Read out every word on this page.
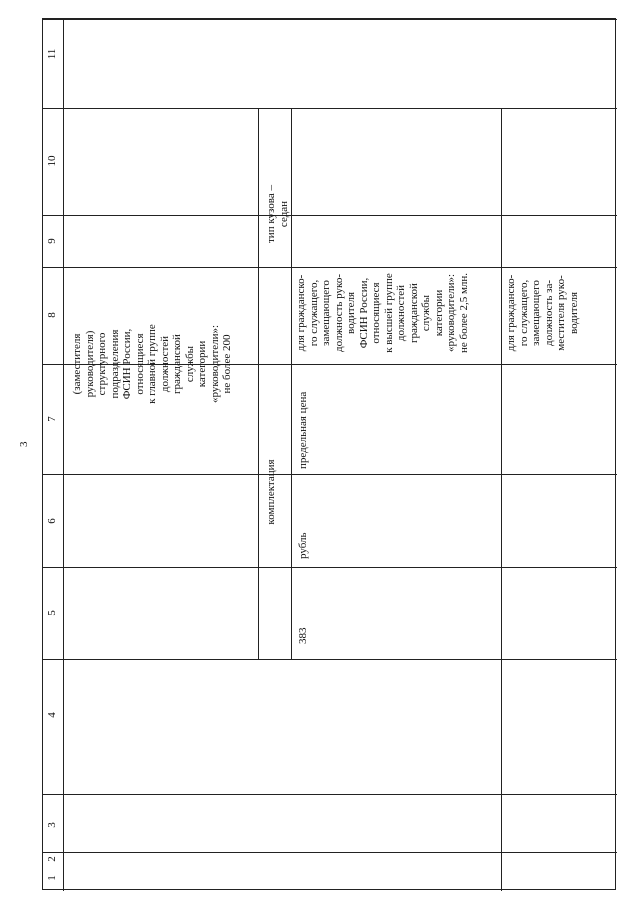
3
11
10
9
8
7
6
5
4
3
2
1
(заместителя
руководителя)
структурного
подразделения
ФСИН России,
относящиеся
к главной группе
должностей
гражданской
службы
категории
«руководители»:
не более 200
комплектация
тип кузова –
седан
383
рубль
предельная цена
для гражданско-
го служащего,
замещающего
должность руко-
водителя
ФСИН России,
относящиеся
к высшей группе
должностей
гражданской
службы
категории
«руководители»:
не более 2,5 млн.
для гражданско-
го служащего,
замещающего
должность за-
местителя руко-
водителя
